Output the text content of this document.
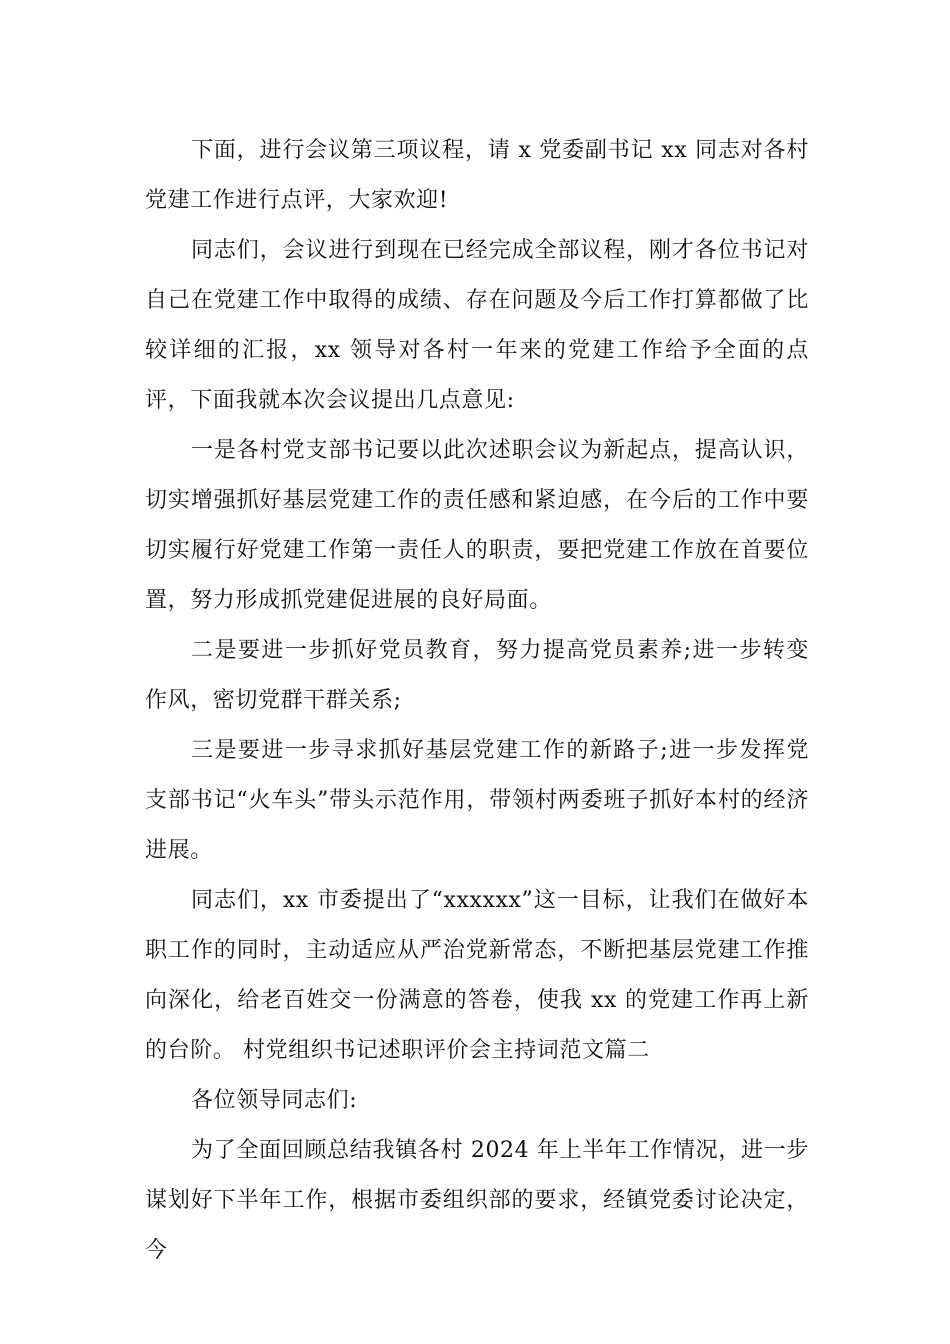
下面，进行会议第三项议程，请 x 党委副书记 xx 同志对各村党建工作进行点评，大家欢迎!

同志们，会议进行到现在已经完成全部议程，刚才各位书记对自己在党建工作中取得的成绩、存在问题及今后工作打算都做了比较详细的汇报，xx 领导对各村一年来的党建工作给予全面的点评，下面我就本次会议提出几点意见:

一是各村党支部书记要以此次述职会议为新起点，提高认识，切实增强抓好基层党建工作的责任感和紧迫感，在今后的工作中要切实履行好党建工作第一责任人的职责，要把党建工作放在首要位置，努力形成抓党建促进展的良好局面。

二是要进一步抓好党员教育，努力提高党员素养;进一步转变作风，密切党群干群关系;

三是要进一步寻求抓好基层党建工作的新路子;进一步发挥党支部书记“火车头”带头示范作用，带领村两委班子抓好本村的经济进展。

同志们，xx 市委提出了“xxxxxx”这一目标，让我们在做好本职工作的同时，主动适应从严治党新常态，不断把基层党建工作推向深化，给老百姓交一份满意的答卷，使我 xx 的党建工作再上新的台阶。 村党组织书记述职评价会主持词范文篇二

各位领导同志们:

为了全面回顾总结我镇各村 2024 年上半年工作情况，进一步谋划好下半年工作，根据市委组织部的要求，经镇党委讨论决定，今
